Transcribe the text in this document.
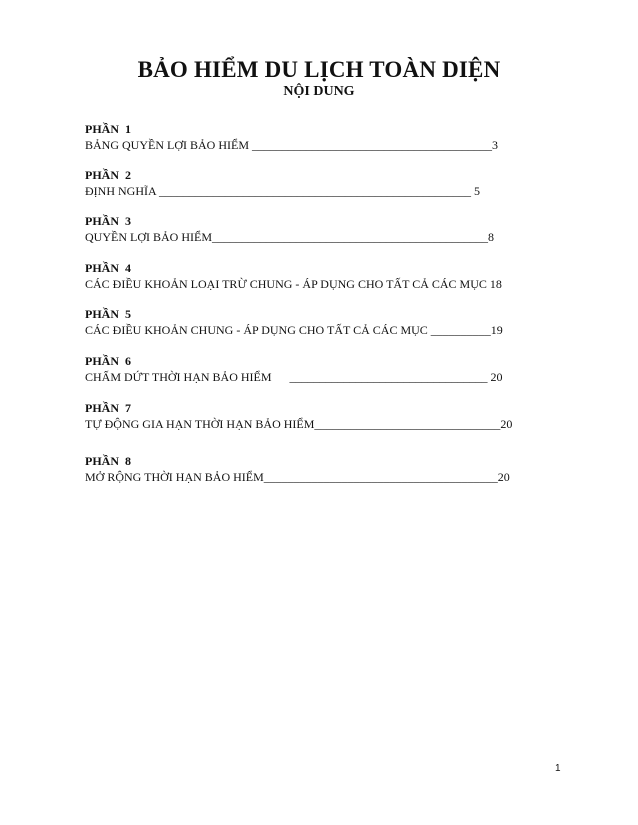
BẢO HIỂM DU LỊCH TOÀN DIỆN
NỘI DUNG
PHẦN  1
BẢNG QUYỀN LỢI BẢO HIỂM ________________________________________3
PHẦN  2
ĐỊNH NGHĨA ____________________________________________________ 5
PHẦN  3
QUYỀN LỢI BẢO HIỂM______________________________________________8
PHẦN  4
CÁC ĐIỀU KHOẢN LOẠI TRỪ CHUNG - ÁP DỤNG CHO TẤT CẢ CÁC MỤC 18
PHẦN  5
CÁC ĐIỀU KHOẢN CHUNG - ÁP DỤNG CHO TẤT CẢ CÁC MỤC __________19
PHẦN  6
CHẤM DỨT THỜI HẠN BẢO HIỂM      _________________________________ 20
PHẦN  7
TỰ ĐỘNG GIA HẠN THỜI HẠN BẢO HIỂM_______________________________20
PHẦN  8
MỞ RỘNG THỜI HẠN BẢO HIỂM_______________________________________20
1
